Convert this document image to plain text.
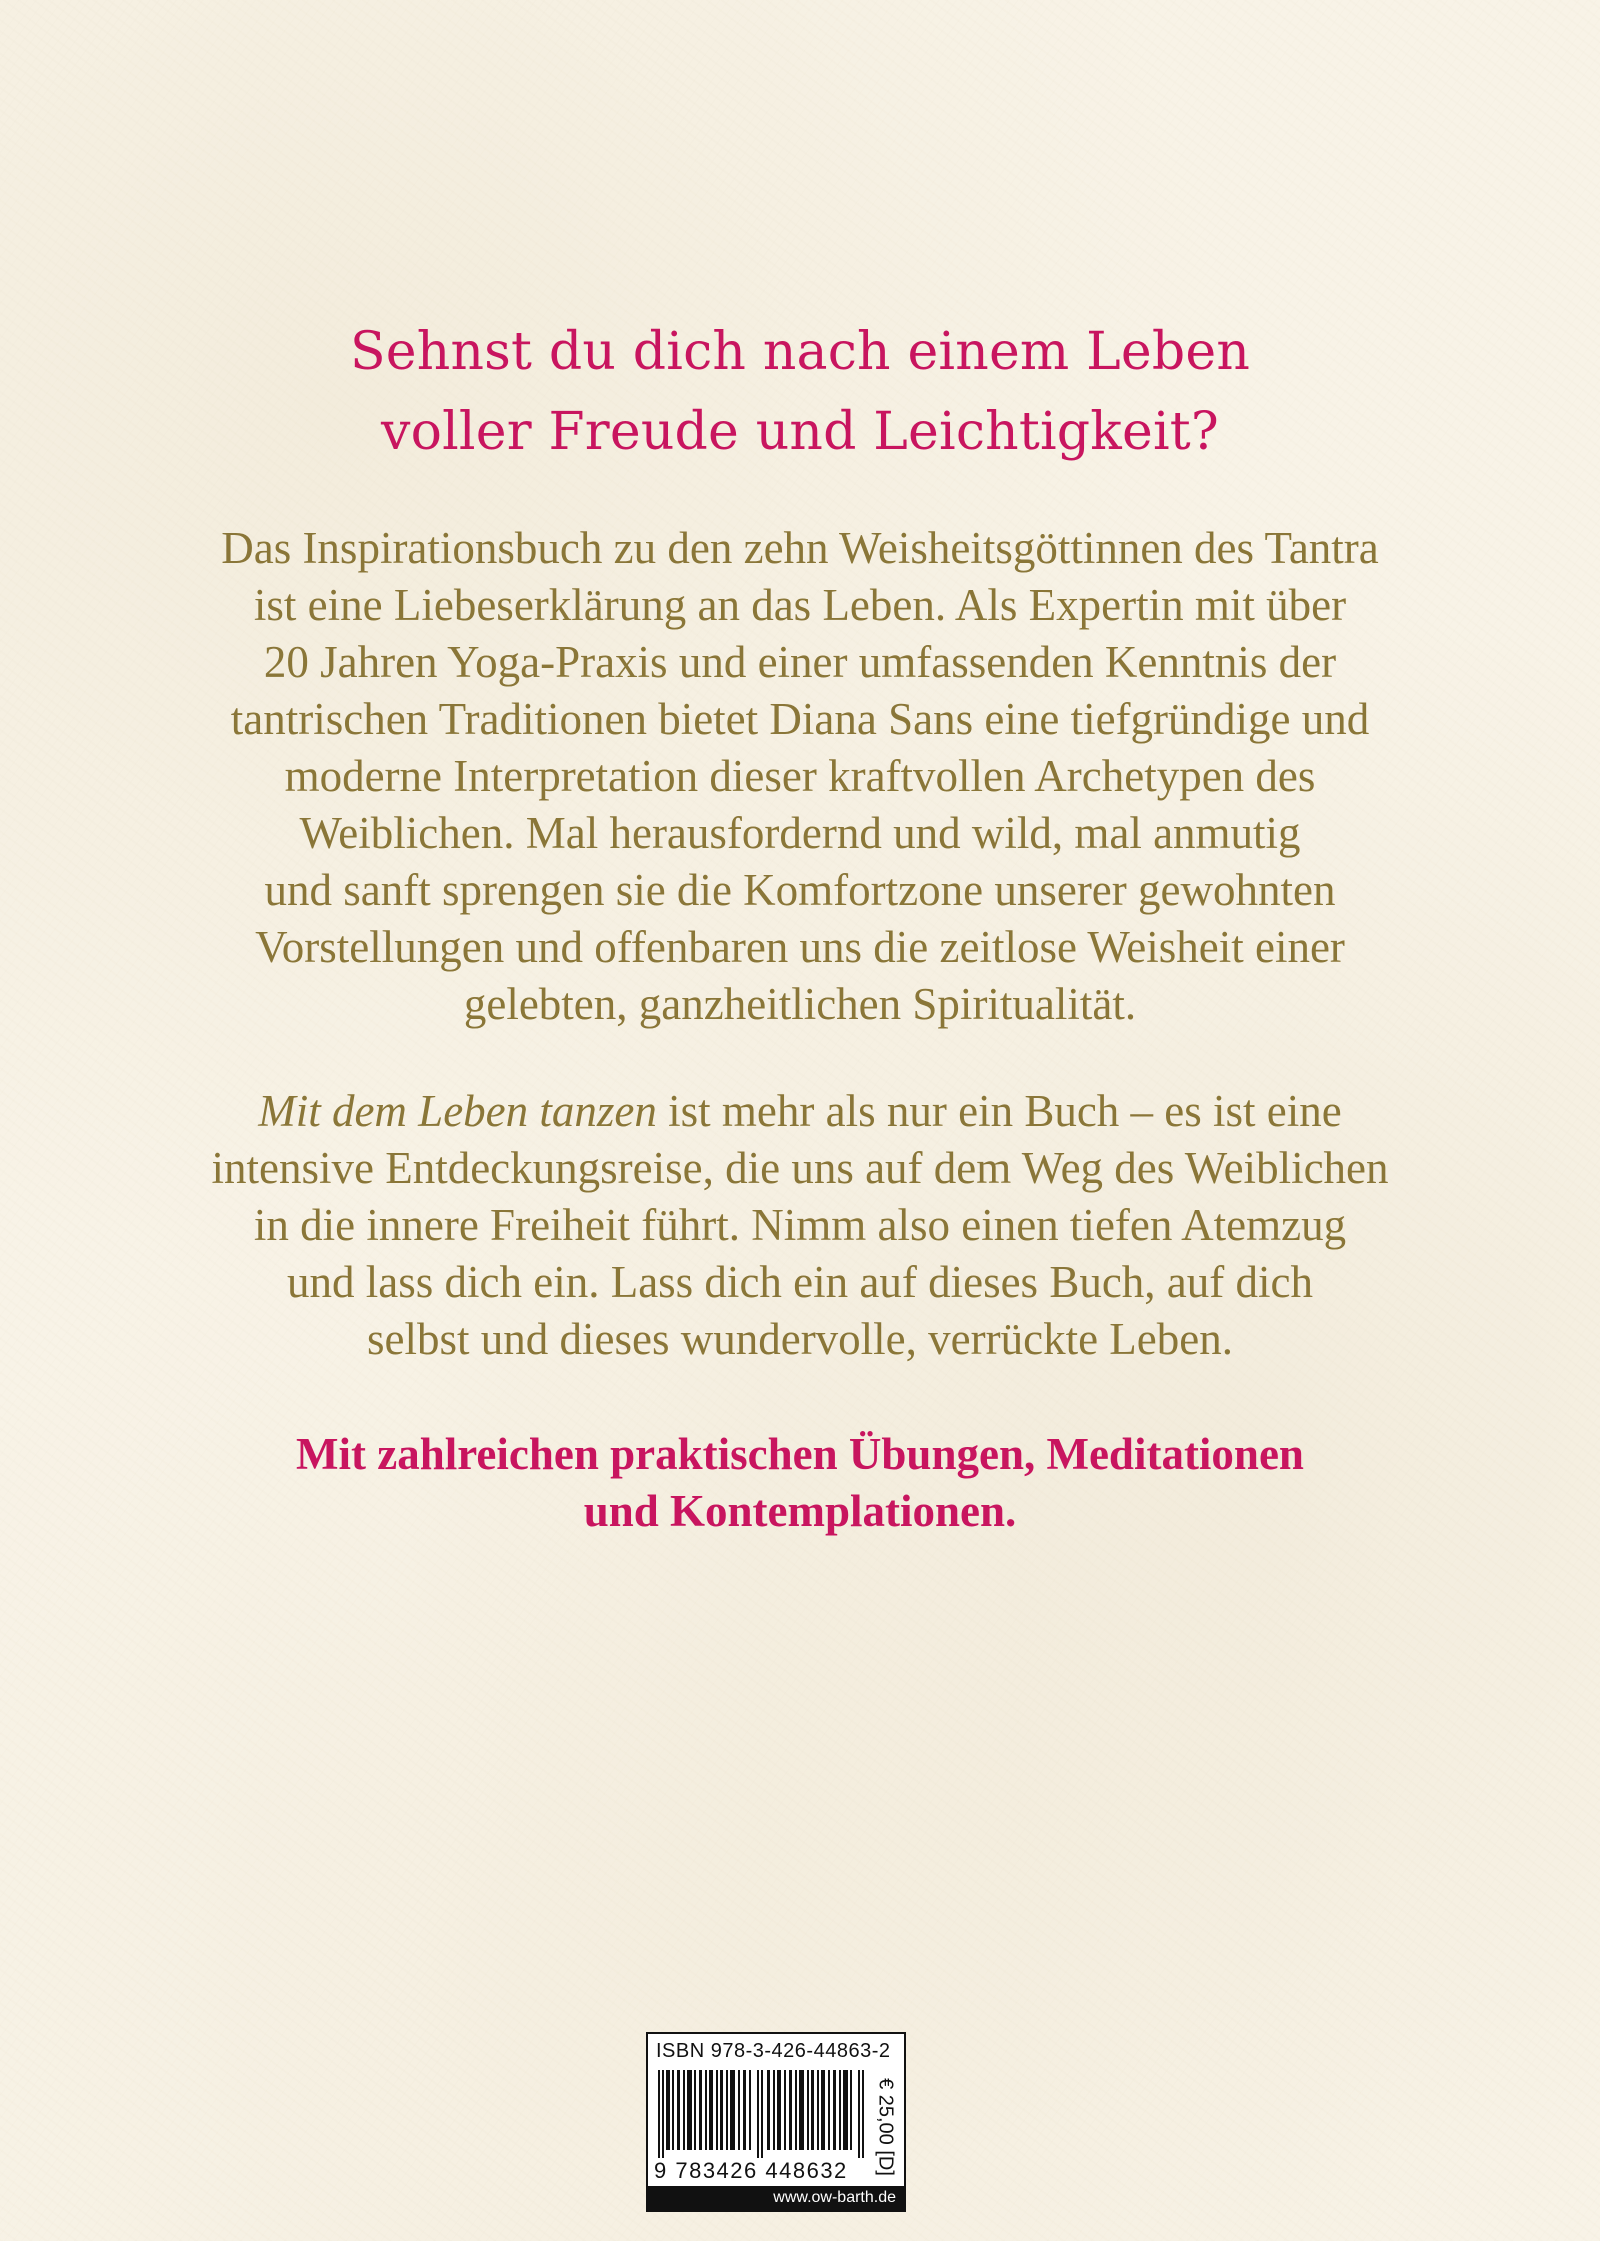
Sehnst du dich nach einem Leben
voller Freude und Leichtigkeit?
Das Inspirationsbuch zu den zehn Weisheitsgöttinnen des Tantra
ist eine Liebeserklärung an das Leben. Als Expertin mit über
20 Jahren Yoga-Praxis und einer umfassenden Kenntnis der
tantrischen Traditionen bietet Diana Sans eine tiefgründige und
moderne Interpretation dieser kraftvollen Archetypen des
Weiblichen. Mal herausfordernd und wild, mal anmutig
und sanft sprengen sie die Komfortzone unserer gewohnten
Vorstellungen und offenbaren uns die zeitlose Weisheit einer
gelebten, ganzheitlichen Spiritualität.
Mit dem Leben tanzen ist mehr als nur ein Buch – es ist eine
intensive Entdeckungsreise, die uns auf dem Weg des Weiblichen
in die innere Freiheit führt. Nimm also einen tiefen Atemzug
und lass dich ein. Lass dich ein auf dieses Buch, auf dich
selbst und dieses wundervolle, verrückte Leben.
Mit zahlreichen praktischen Übungen, Meditationen
und Kontemplationen.
ISBN 978-3-426-44863-2
9 783426 448632	€ 25,00 [D]
www.ow-barth.de
